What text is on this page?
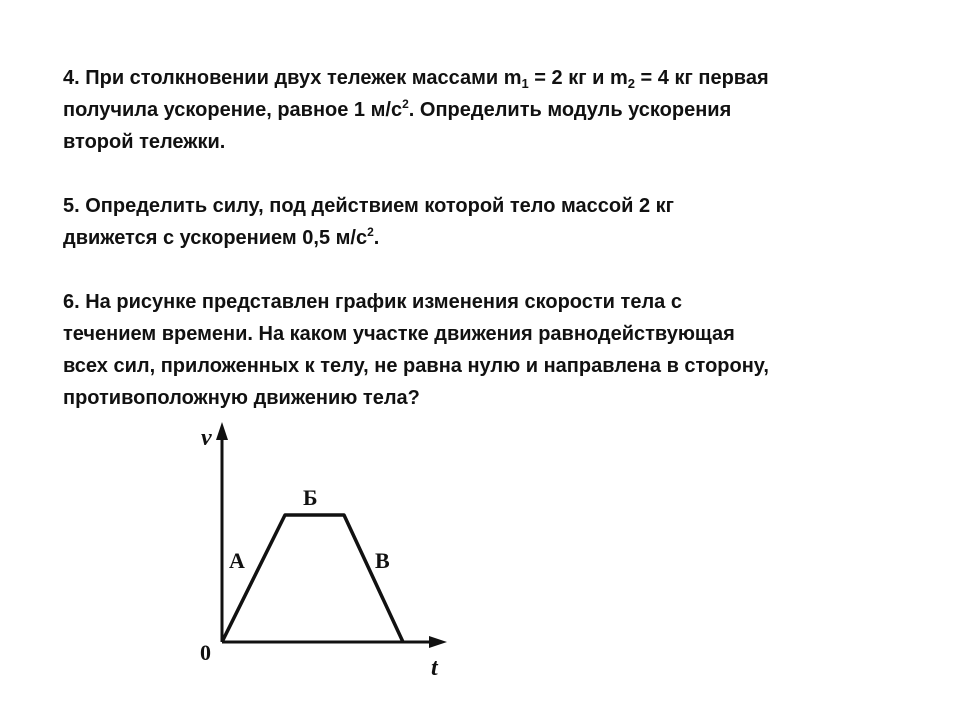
4. При столкновении двух тележек массами $m_1 = 2$ кг и $m_2 = 4$ кг первая
получила ускорение, равное 1 $м/с^2$. Определить модуль ускорения
второй тележки.
5. Определить силу, под действием которой тело массой 2 кг
движется с ускорением 0,5 $м/с^2$.
6. На рисунке представлен график изменения скорости тела с
течением времени. На каком участке движения равнодействующая
всех сил, приложенных к телу, не равна нулю и направлена в сторону,
противоположную движению тела?
v
t
0
А
Б
В
